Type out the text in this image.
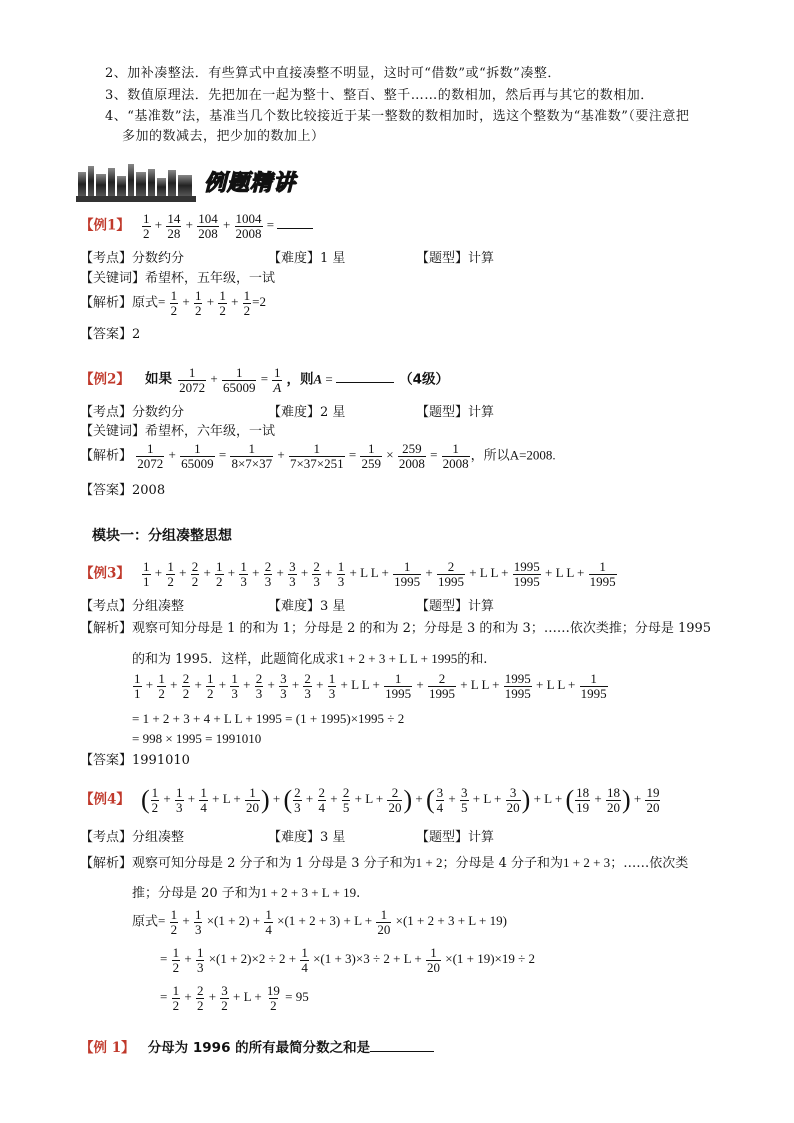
2、加补凑整法．有些算式中直接凑整不明显，这时可“借数”或“拆数”凑整．
3、数值原理法．先把加在一起为整十、整百、整千……的数相加，然后再与其它的数相加．
4、“基准数”法，基准当几个数比较接近于某一整数的数相加时，选这个整数为“基准数”（要注意把
多加的数减去，把少加的数加上）
例题精讲
【例1】 $\frac{1}{2} + \frac{14}{28} + \frac{104}{208} + \frac{1004}{2008}$ =
【考点】分数约分	【难度】1 星	【题型】计算
【关键词】希望杯，五年级，一试
【解析】原式= $\frac{1}{2} + \frac{1}{2} + \frac{1}{2} + \frac{1}{2} =2$
【答案】2
【例2】 如果 $\frac{1}{2072} + \frac{1}{65009} = \frac{1}{A}$ ，则A =	（4级）
【考点】分数约分	【难度】2 星	【题型】计算
【关键词】希望杯，六年级，一试
【解析】 $\frac{1}{2072} + \frac{1}{65009} = \frac{1}{8\times 7\times 37} + \frac{1}{7\times 37\times 251} = \frac{1}{259} \times \frac{259}{2008} = \frac{1}{2008}$ ，所以A=2008.
【答案】2008
模块一：分组凑整思想
【例3】 $\frac{1}{1} + \frac{1}{2} + \frac{2}{2} + \frac{1}{2} + \frac{1}{3} + \frac{2}{3} + \frac{3}{3} + \frac{2}{3} + \frac{1}{3} + L$ $L + \frac{1}{1995} + \frac{2}{1995} + L$ $L + \frac{1995}{1995} + L$ $L + \frac{1}{1995}$
【考点】分组凑整	【难度】3 星	【题型】计算
【解析】观察可知分母是 1 的和为 1；分母是 2 的和为 2；分母是 3 的和为 3；……依次类推；分母是 1995
的和为 1995．这样，此题简化成求1 + 2 + 3 + L L + 1995的和.
$\frac{1}{1} + \frac{1}{2} + \frac{2}{2} + \frac{1}{2} + \frac{1}{3} + \frac{2}{3} + \frac{3}{3} + \frac{2}{3} + \frac{1}{3} + L$ $L + \frac{1}{1995} + \frac{2}{1995} + L$ $L + \frac{1995}{1995} + L$ $L + \frac{1}{1995}$
= 1 + 2 + 3 + 4 + L L + 1995 = (1 + 1995)×1995 ÷ 2
= 998 × 1995 = 1991010
【答案】1991010
【例4】 ( $\frac{1}{2} + \frac{1}{3} + \frac{1}{4} + L + \frac{1}{20}$ ) + ( $\frac{2}{3} + \frac{2}{4} + \frac{2}{5} + L + \frac{2}{20}$ ) + ( $\frac{3}{4} + \frac{3}{5} + L + \frac{3}{20}$ ) + L + ( $\frac{18}{19} + \frac{18}{20}$ ) + $\frac{19}{20}$
【考点】分组凑整	【难度】3 星	【题型】计算
【解析】观察可知分母是 2 分子和为 1 分母是 3 分子和为1 + 2；分母是 4 分子和为1 + 2 + 3；……依次类
推；分母是 20 子和为1 + 2 + 3 + L + 19.
原式= $\frac{1}{2} + \frac{1}{3} \times(1 + 2) + \frac{1}{4} \times(1 + 2 + 3) + L + \frac{1}{20} \times(1 + 2 + 3 + L + 19)$
= $\frac{1}{2} + \frac{1}{3} \times(1 + 2)\times 2 \div 2 + \frac{1}{4} \times(1 + 3)\times 3 \div 2 + L + \frac{1}{20} \times(1 + 19)\times 19 \div 2$
= $\frac{1}{2} + \frac{2}{2} + \frac{3}{2} + L + \frac{19}{2} = 95$
【例 1】 分母为 1996 的所有最简分数之和是
